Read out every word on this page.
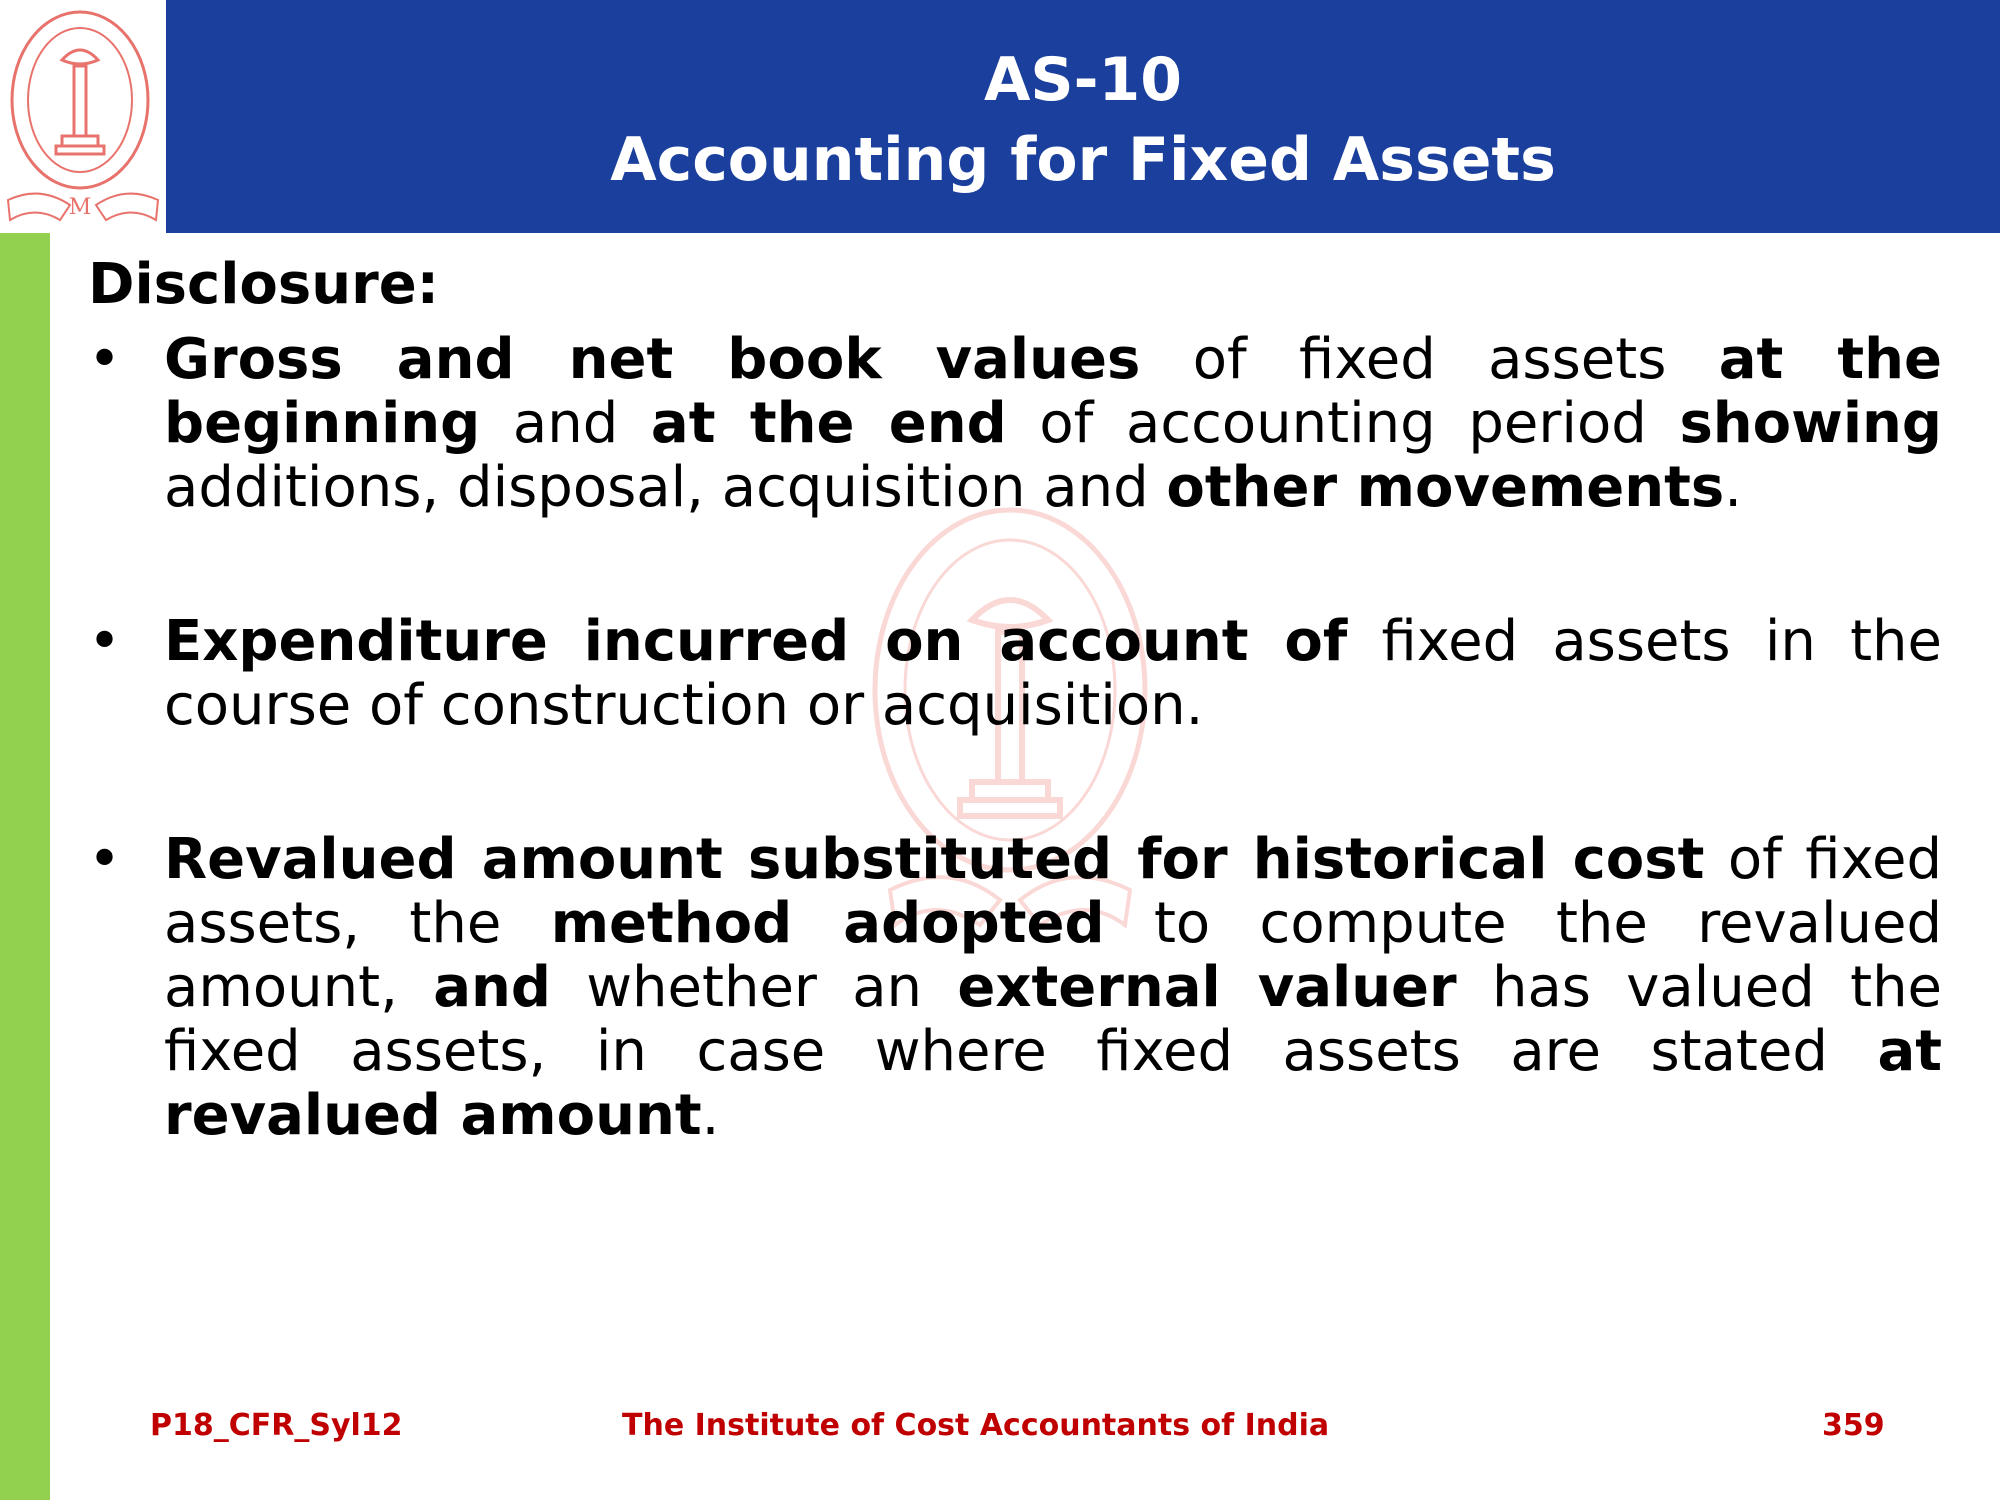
AS-10
Accounting for Fixed Assets
M
Disclosure:
• Gross and net book values of fixed assets at the beginning and at the end of accounting period showing additions, disposal, acquisition and other movements.
• Expenditure incurred on account of fixed assets in the course of construction or acquisition.
• Revalued amount substituted for historical cost of fixed assets, the method adopted to compute the revalued amount, and whether an external valuer has valued the fixed assets, in case where fixed assets are stated at revalued amount.
P18_CFR_Syl12	The Institute of Cost Accountants of India	359
